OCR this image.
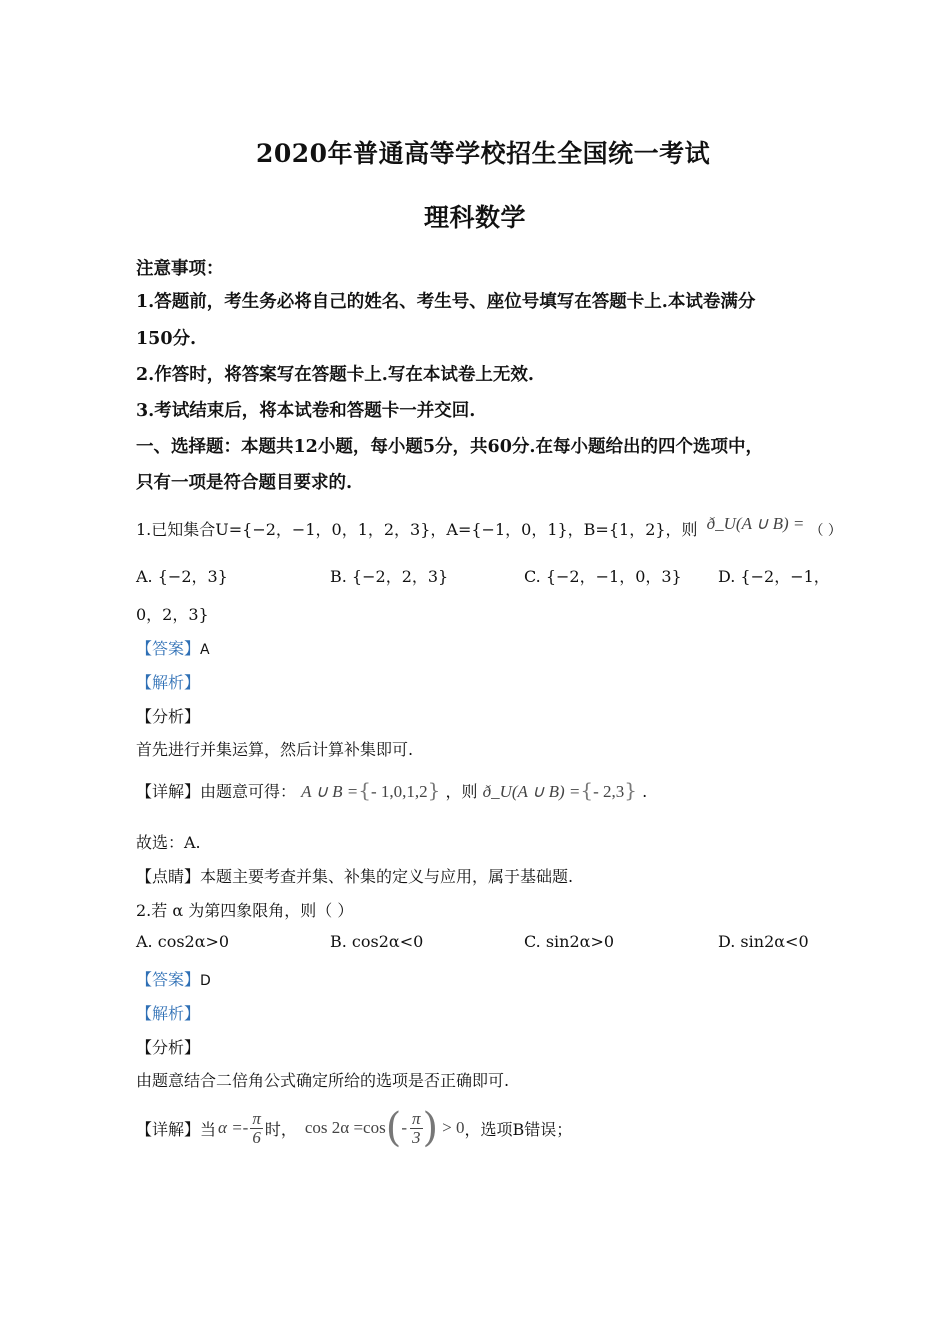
2020年普通高等学校招生全国统一考试
理科数学
注意事项：
1.答题前，考生务必将自己的姓名、考生号、座位号填写在答题卡上.本试卷满分
150分.
2.作答时，将答案写在答题卡上.写在本试卷上无效.
3.考试结束后，将本试卷和答题卡一并交回.
一、选择题：本题共12小题，每小题5分，共60分.在每小题给出的四个选项中，
只有一项是符合题目要求的.
1.已知集合U={−2，−1，0，1，2，3}，A={−1，0，1}，B={1，2}，则 ð_U(A ∪ B) = （ ）
A. {−2，3}	B. {−2，2，3}	C. {−2，−1，0，3} D. {−2，−1，
0，2，3}
【答案】A
【解析】
【分析】
首先进行并集运算，然后计算补集即可.
【详解】由题意可得： A ∪ B ={- 1,0,1,2} ，则 ð_U(A ∪ B) ={- 2,3} .
故选：A.
【点睛】本题主要考查并集、补集的定义与应用，属于基础题.
2.若 α 为第四象限角，则（ ）
A. cos2α>0	B. cos2α<0	C. sin2α>0	D. sin2α<0
【答案】D
【解析】
【分析】
由题意结合二倍角公式确定所给的选项是否正确即可.
【详解】 当 $\alpha =- \frac{\pi}{6}$ 时， cos 2α =cos ( - $\frac{\pi}{3}$ ) > 0 ，选项B错误；
